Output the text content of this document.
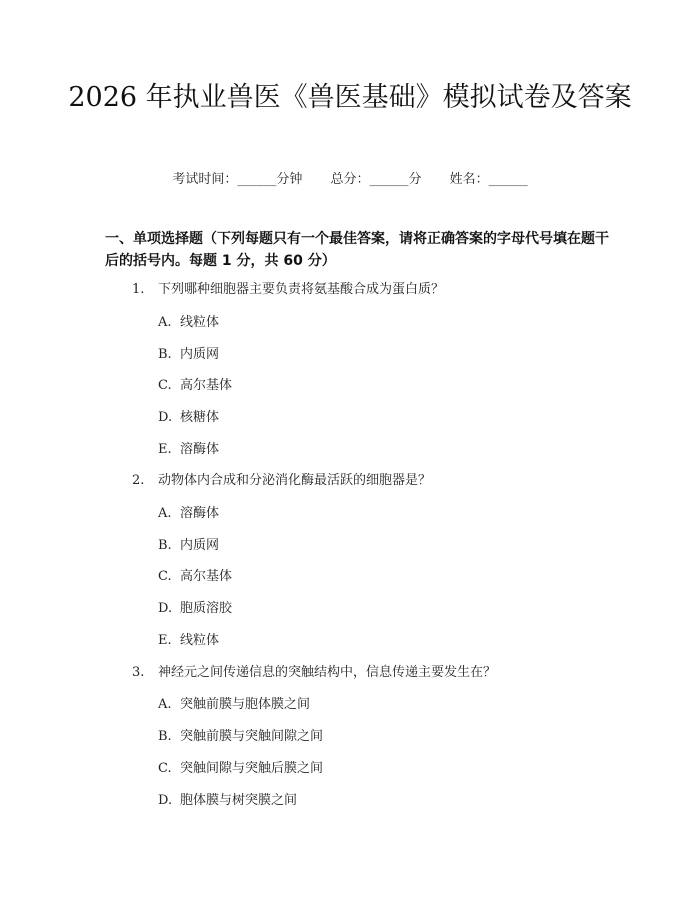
2026 年执业兽医《兽医基础》模拟试卷及答案
考试时间：______分钟 总分：______分 姓名：______
一、单项选择题（下列每题只有一个最佳答案，请将正确答案的字母代号填在题干后的括号内。每题 1 分，共 60 分）
1. 下列哪种细胞器主要负责将氨基酸合成为蛋白质？
A. 线粒体
B. 内质网
C. 高尔基体
D. 核糖体
E. 溶酶体
2. 动物体内合成和分泌消化酶最活跃的细胞器是？
A. 溶酶体
B. 内质网
C. 高尔基体
D. 胞质溶胶
E. 线粒体
3. 神经元之间传递信息的突触结构中，信息传递主要发生在？
A. 突触前膜与胞体膜之间
B. 突触前膜与突触间隙之间
C. 突触间隙与突触后膜之间
D. 胞体膜与树突膜之间
